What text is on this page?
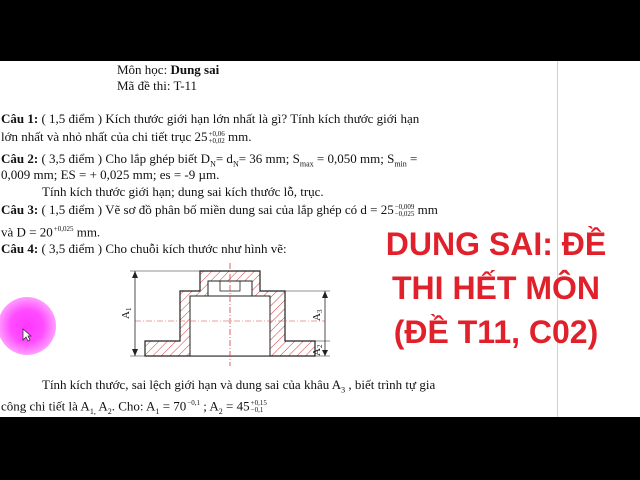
Môn học: Dung sai
Mã đề thi: T-11
Câu 1: ( 1,5 điểm ) Kích thước giới hạn lớn nhất là gì? Tính kích thước giới hạn
lớn nhất và nhỏ nhất của chi tiết trục 25 +0,06
+0,02 mm.
Câu 2: ( 3,5 điểm ) Cho lắp ghép biết $D_N= d_N= 36$ mm; $S_{max} = 0,050$ mm; $S_{min}$ =
0,009 mm; ES = + 0,025 mm; es = -9 µm.
Tính kích thước giới hạn; dung sai kích thước lỗ, trục.
Câu 3: ( 1,5 điểm ) Vẽ sơ đồ phân bố miền dung sai của lắp ghép có d = 25 −0,009
−0,025 mm
và $D = 20^{+0,025}$ mm.
Câu 4: ( 3,5 điểm ) Cho chuỗi kích thước như hình vẽ:
A1
A3
A2
Tính kích thước, sai lệch giới hạn và dung sai của khâu $A_3$ , biết trình tự gia
công chi tiết là $A_{1,}$ $A_2$. Cho: $A_1 = 70^{-0,1}$ ; $A_2 = 45 +0,15$
−0,1
DUNG SAI: ĐỀ
THI HẾT MÔN
(ĐỀ T11, C02)
